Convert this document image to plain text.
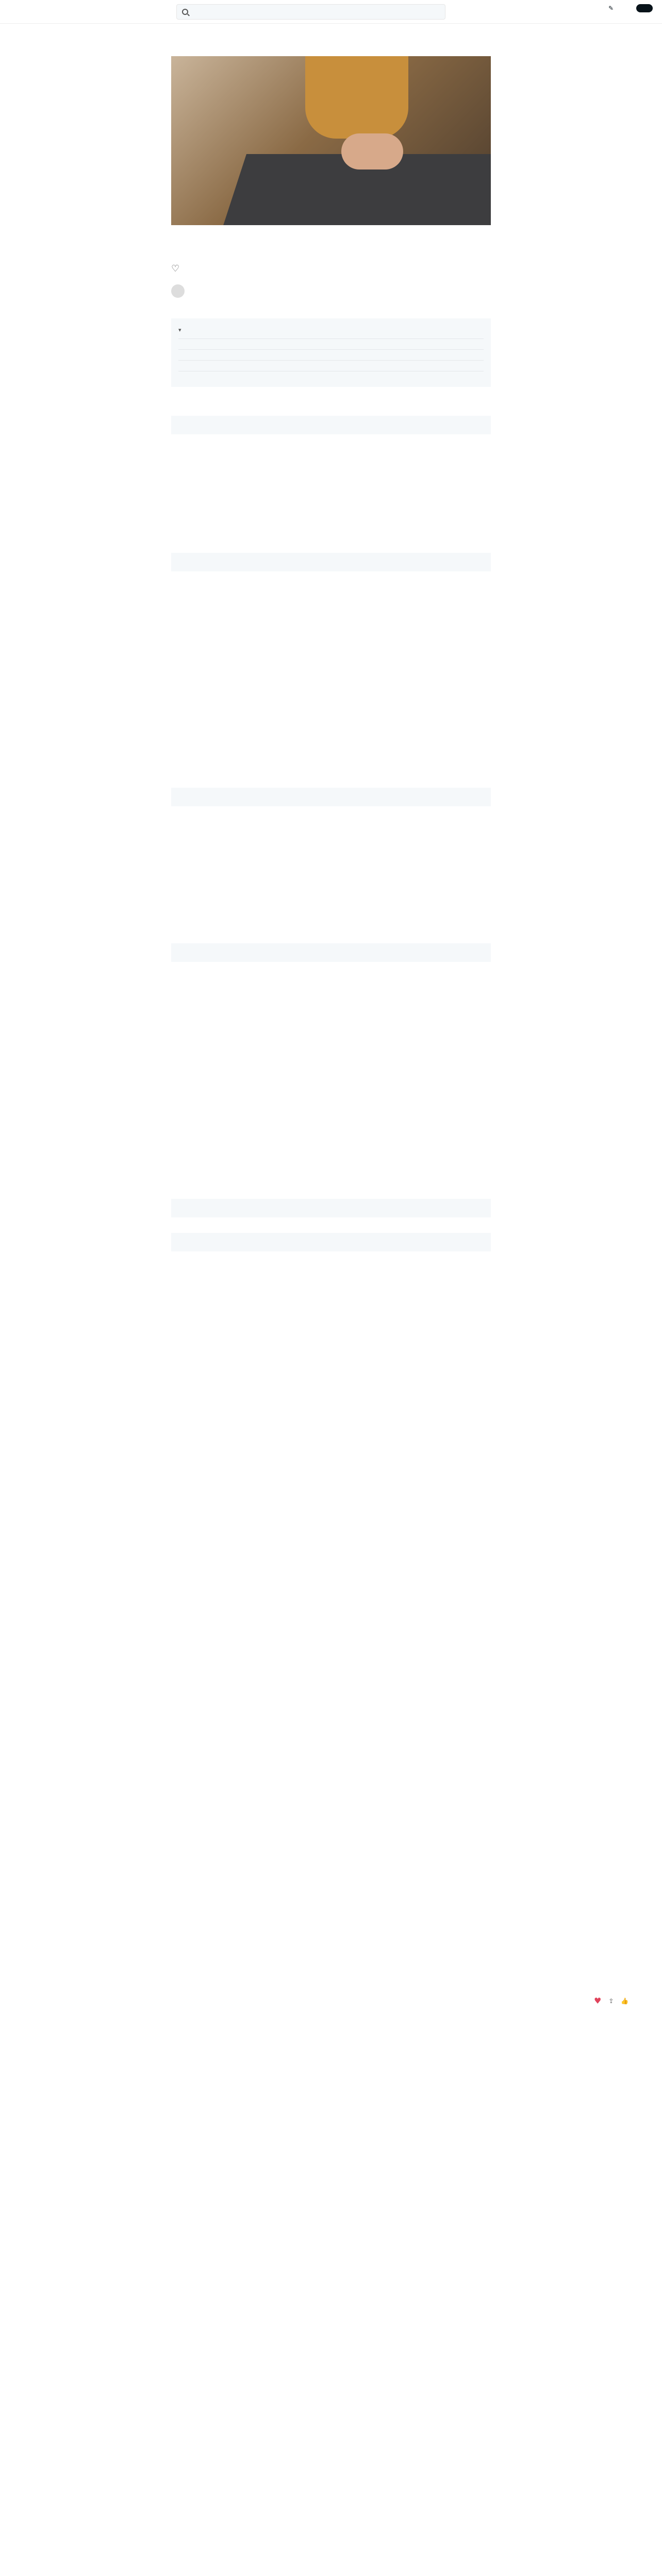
✎
♡

▾

♥ ⇪ 👍
